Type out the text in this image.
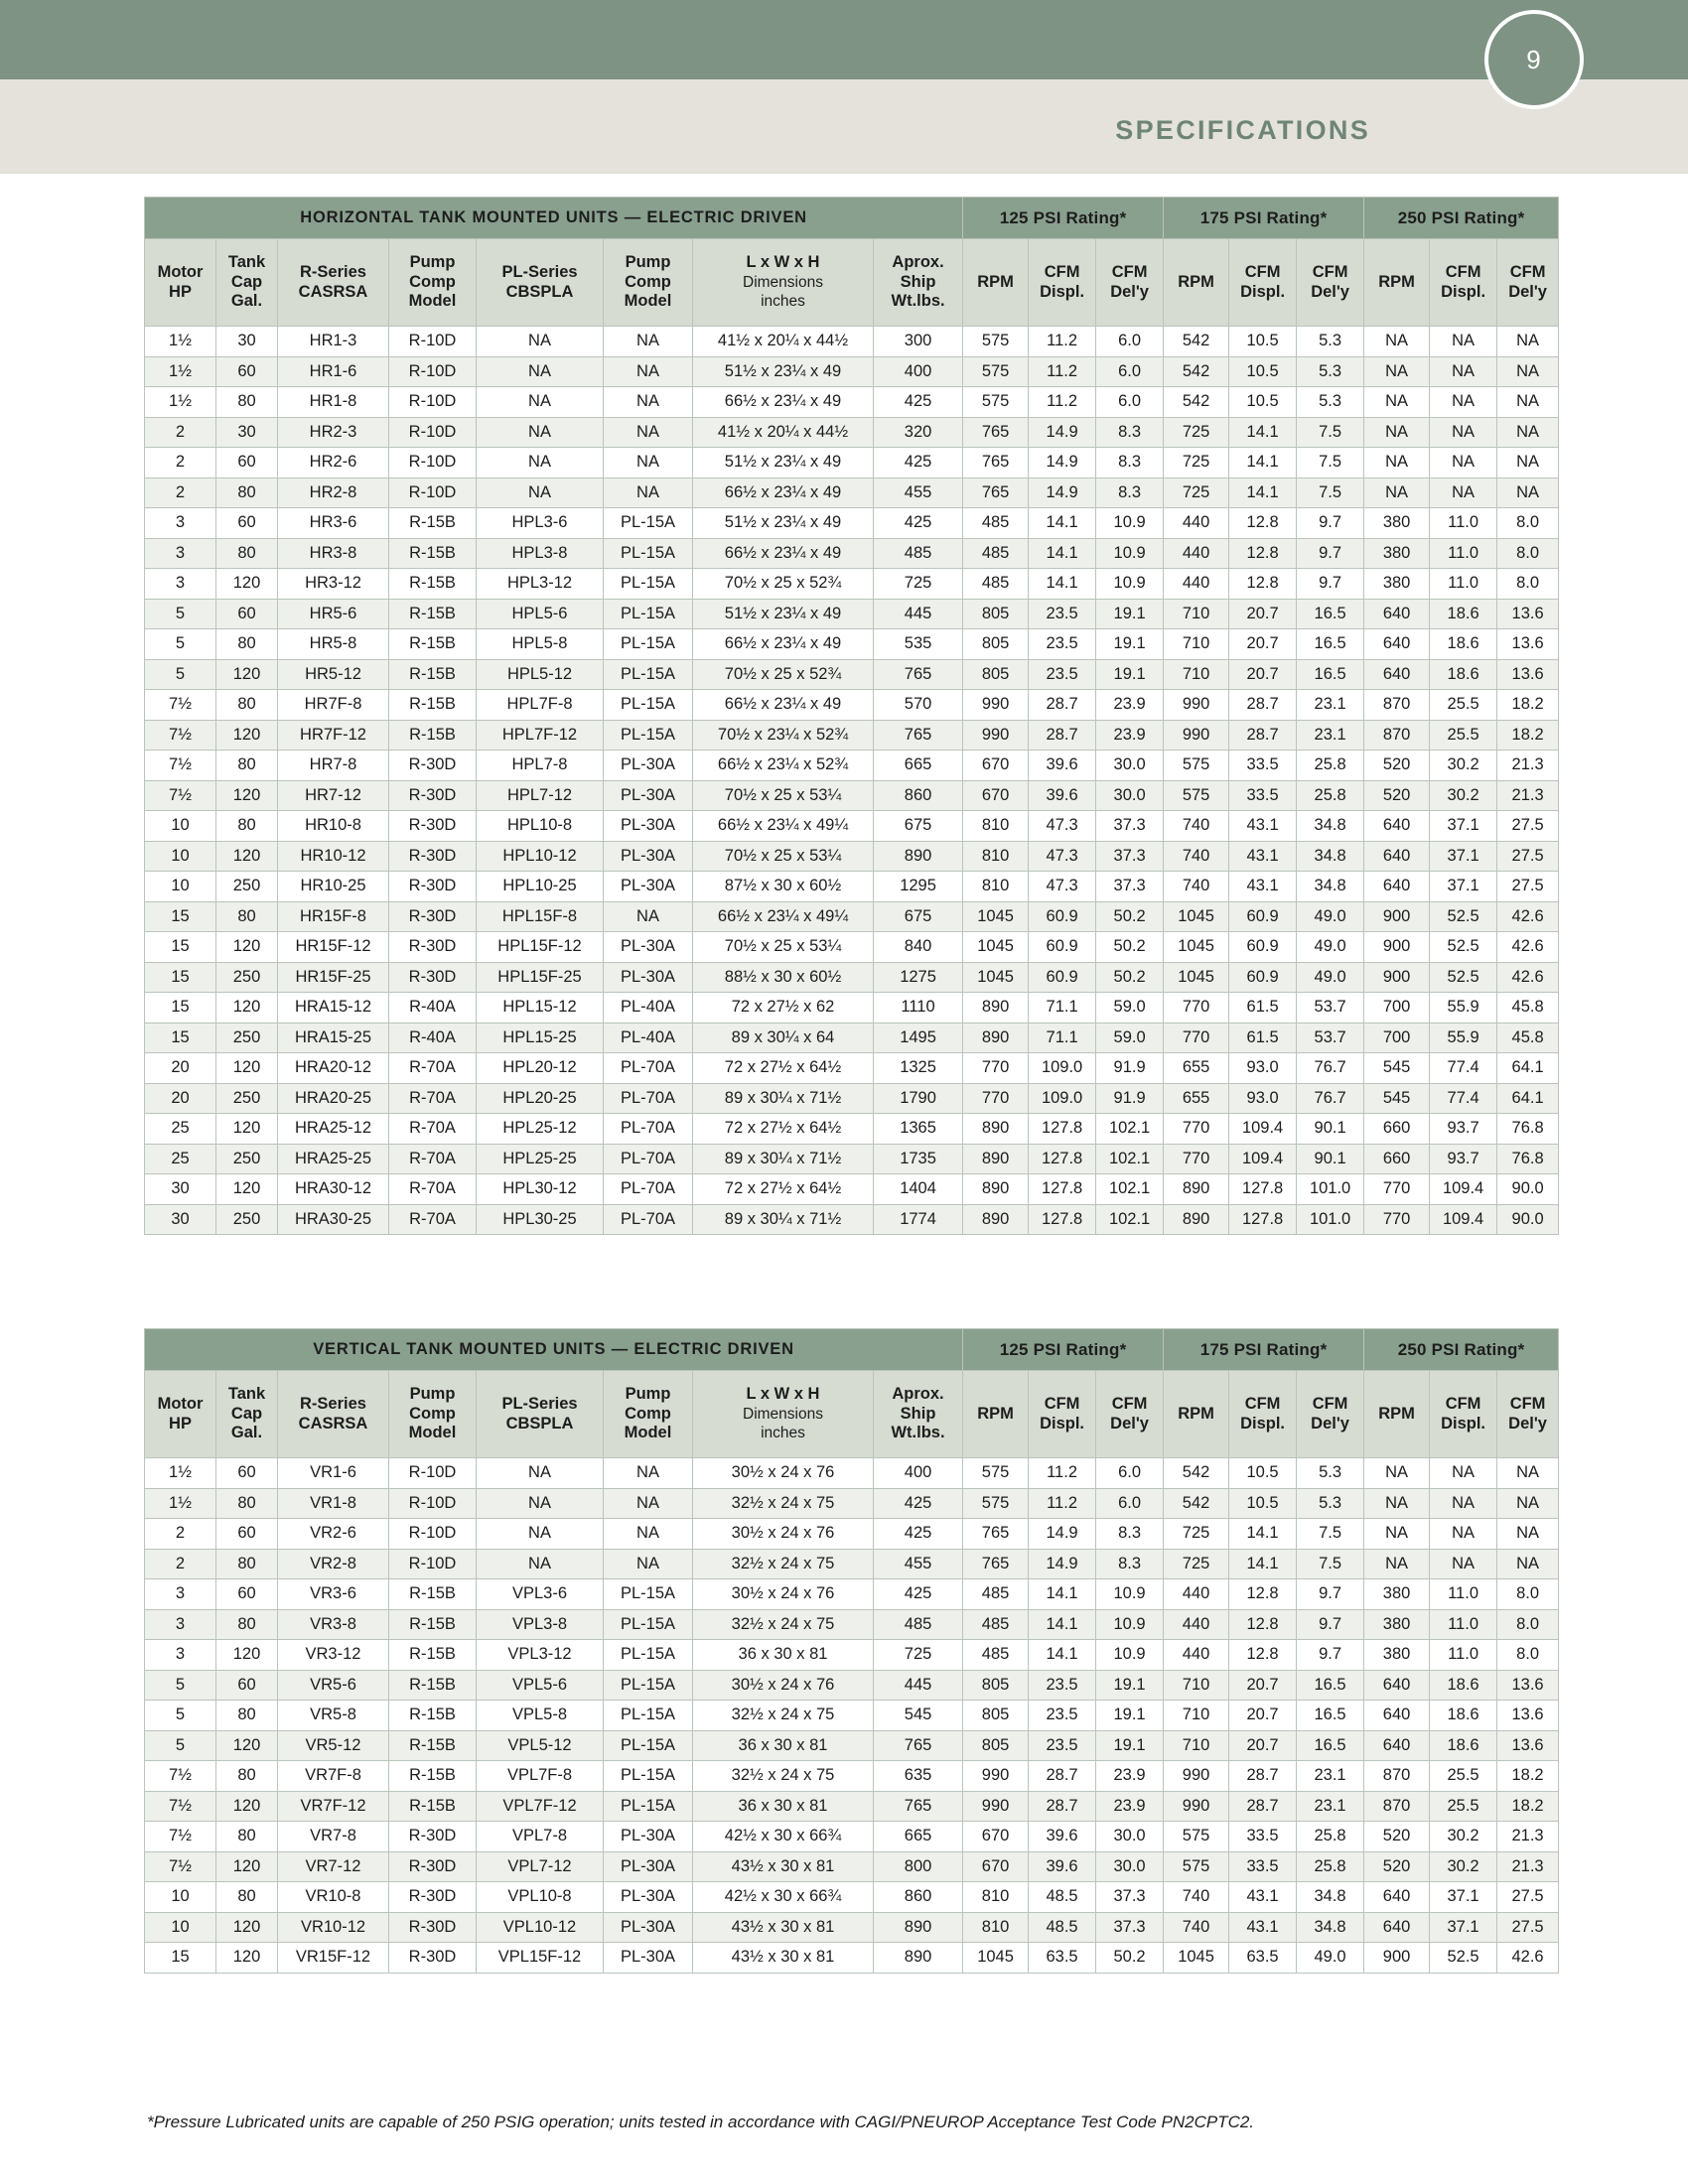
9
SPECIFICATIONS
HORIZONTAL TANK MOUNTED UNITS — ELECTRIC DRIVEN								125 PSI Rating*			175 PSI Rating*			250 PSI Rating*		
Motor
HP	Tank
Cap
Gal.	R-Series
CASRSA	Pump
Comp
Model	PL-Series
CBSPLA	Pump
Comp
Model	L x W x H
Dimensions
inches	Aprox.
Ship
Wt.lbs.	RPM	CFM
Displ.	CFM
Del'y	RPM	CFM
Displ.	CFM
Del'y	RPM	CFM
Displ.	CFM
Del'y
1½	30	HR1-3	R-10D	NA	NA	41½ x 20¼ x 44½	300	575	11.2	6.0	542	10.5	5.3	NA	NA	NA
1½	60	HR1-6	R-10D	NA	NA	51½ x 23¼ x 49	400	575	11.2	6.0	542	10.5	5.3	NA	NA	NA
1½	80	HR1-8	R-10D	NA	NA	66½ x 23¼ x 49	425	575	11.2	6.0	542	10.5	5.3	NA	NA	NA
2	30	HR2-3	R-10D	NA	NA	41½ x 20¼ x 44½	320	765	14.9	8.3	725	14.1	7.5	NA	NA	NA
2	60	HR2-6	R-10D	NA	NA	51½ x 23¼ x 49	425	765	14.9	8.3	725	14.1	7.5	NA	NA	NA
2	80	HR2-8	R-10D	NA	NA	66½ x 23¼ x 49	455	765	14.9	8.3	725	14.1	7.5	NA	NA	NA
3	60	HR3-6	R-15B	HPL3-6	PL-15A	51½ x 23¼ x 49	425	485	14.1	10.9	440	12.8	9.7	380	11.0	8.0
3	80	HR3-8	R-15B	HPL3-8	PL-15A	66½ x 23¼ x 49	485	485	14.1	10.9	440	12.8	9.7	380	11.0	8.0
3	120	HR3-12	R-15B	HPL3-12	PL-15A	70½ x 25 x 52¾	725	485	14.1	10.9	440	12.8	9.7	380	11.0	8.0
5	60	HR5-6	R-15B	HPL5-6	PL-15A	51½ x 23¼ x 49	445	805	23.5	19.1	710	20.7	16.5	640	18.6	13.6
5	80	HR5-8	R-15B	HPL5-8	PL-15A	66½ x 23¼ x 49	535	805	23.5	19.1	710	20.7	16.5	640	18.6	13.6
5	120	HR5-12	R-15B	HPL5-12	PL-15A	70½ x 25 x 52¾	765	805	23.5	19.1	710	20.7	16.5	640	18.6	13.6
7½	80	HR7F-8	R-15B	HPL7F-8	PL-15A	66½ x 23¼ x 49	570	990	28.7	23.9	990	28.7	23.1	870	25.5	18.2
7½	120	HR7F-12	R-15B	HPL7F-12	PL-15A	70½ x 23¼ x 52¾	765	990	28.7	23.9	990	28.7	23.1	870	25.5	18.2
7½	80	HR7-8	R-30D	HPL7-8	PL-30A	66½ x 23¼ x 52¾	665	670	39.6	30.0	575	33.5	25.8	520	30.2	21.3
7½	120	HR7-12	R-30D	HPL7-12	PL-30A	70½ x 25 x 53¼	860	670	39.6	30.0	575	33.5	25.8	520	30.2	21.3
10	80	HR10-8	R-30D	HPL10-8	PL-30A	66½ x 23¼ x 49¼	675	810	47.3	37.3	740	43.1	34.8	640	37.1	27.5
10	120	HR10-12	R-30D	HPL10-12	PL-30A	70½ x 25 x 53¼	890	810	47.3	37.3	740	43.1	34.8	640	37.1	27.5
10	250	HR10-25	R-30D	HPL10-25	PL-30A	87½ x 30 x 60½	1295	810	47.3	37.3	740	43.1	34.8	640	37.1	27.5
15	80	HR15F-8	R-30D	HPL15F-8	NA	66½ x 23¼ x 49¼	675	1045	60.9	50.2	1045	60.9	49.0	900	52.5	42.6
15	120	HR15F-12	R-30D	HPL15F-12	PL-30A	70½ x 25 x 53¼	840	1045	60.9	50.2	1045	60.9	49.0	900	52.5	42.6
15	250	HR15F-25	R-30D	HPL15F-25	PL-30A	88½ x 30 x 60½	1275	1045	60.9	50.2	1045	60.9	49.0	900	52.5	42.6
15	120	HRA15-12	R-40A	HPL15-12	PL-40A	72 x 27½ x 62	1110	890	71.1	59.0	770	61.5	53.7	700	55.9	45.8
15	250	HRA15-25	R-40A	HPL15-25	PL-40A	89 x 30¼ x 64	1495	890	71.1	59.0	770	61.5	53.7	700	55.9	45.8
20	120	HRA20-12	R-70A	HPL20-12	PL-70A	72 x 27½ x 64½	1325	770	109.0	91.9	655	93.0	76.7	545	77.4	64.1
20	250	HRA20-25	R-70A	HPL20-25	PL-70A	89 x 30¼ x 71½	1790	770	109.0	91.9	655	93.0	76.7	545	77.4	64.1
25	120	HRA25-12	R-70A	HPL25-12	PL-70A	72 x 27½ x 64½	1365	890	127.8	102.1	770	109.4	90.1	660	93.7	76.8
25	250	HRA25-25	R-70A	HPL25-25	PL-70A	89 x 30¼ x 71½	1735	890	127.8	102.1	770	109.4	90.1	660	93.7	76.8
30	120	HRA30-12	R-70A	HPL30-12	PL-70A	72 x 27½ x 64½	1404	890	127.8	102.1	890	127.8	101.0	770	109.4	90.0
30	250	HRA30-25	R-70A	HPL30-25	PL-70A	89 x 30¼ x 71½	1774	890	127.8	102.1	890	127.8	101.0	770	109.4	90.0
VERTICAL TANK MOUNTED UNITS — ELECTRIC DRIVEN								125 PSI Rating*			175 PSI Rating*			250 PSI Rating*		
Motor
HP	Tank
Cap
Gal.	R-Series
CASRSA	Pump
Comp
Model	PL-Series
CBSPLA	Pump
Comp
Model	L x W x H
Dimensions
inches	Aprox.
Ship
Wt.lbs.	RPM	CFM
Displ.	CFM
Del'y	RPM	CFM
Displ.	CFM
Del'y	RPM	CFM
Displ.	CFM
Del'y
1½	60	VR1-6	R-10D	NA	NA	30½ x 24 x 76	400	575	11.2	6.0	542	10.5	5.3	NA	NA	NA
1½	80	VR1-8	R-10D	NA	NA	32½ x 24 x 75	425	575	11.2	6.0	542	10.5	5.3	NA	NA	NA
2	60	VR2-6	R-10D	NA	NA	30½ x 24 x 76	425	765	14.9	8.3	725	14.1	7.5	NA	NA	NA
2	80	VR2-8	R-10D	NA	NA	32½ x 24 x 75	455	765	14.9	8.3	725	14.1	7.5	NA	NA	NA
3	60	VR3-6	R-15B	VPL3-6	PL-15A	30½ x 24 x 76	425	485	14.1	10.9	440	12.8	9.7	380	11.0	8.0
3	80	VR3-8	R-15B	VPL3-8	PL-15A	32½ x 24 x 75	485	485	14.1	10.9	440	12.8	9.7	380	11.0	8.0
3	120	VR3-12	R-15B	VPL3-12	PL-15A	36 x 30 x 81	725	485	14.1	10.9	440	12.8	9.7	380	11.0	8.0
5	60	VR5-6	R-15B	VPL5-6	PL-15A	30½ x 24 x 76	445	805	23.5	19.1	710	20.7	16.5	640	18.6	13.6
5	80	VR5-8	R-15B	VPL5-8	PL-15A	32½ x 24 x 75	545	805	23.5	19.1	710	20.7	16.5	640	18.6	13.6
5	120	VR5-12	R-15B	VPL5-12	PL-15A	36 x 30 x 81	765	805	23.5	19.1	710	20.7	16.5	640	18.6	13.6
7½	80	VR7F-8	R-15B	VPL7F-8	PL-15A	32½ x 24 x 75	635	990	28.7	23.9	990	28.7	23.1	870	25.5	18.2
7½	120	VR7F-12	R-15B	VPL7F-12	PL-15A	36 x 30 x 81	765	990	28.7	23.9	990	28.7	23.1	870	25.5	18.2
7½	80	VR7-8	R-30D	VPL7-8	PL-30A	42½ x 30 x 66¾	665	670	39.6	30.0	575	33.5	25.8	520	30.2	21.3
7½	120	VR7-12	R-30D	VPL7-12	PL-30A	43½ x 30 x 81	800	670	39.6	30.0	575	33.5	25.8	520	30.2	21.3
10	80	VR10-8	R-30D	VPL10-8	PL-30A	42½ x 30 x 66¾	860	810	48.5	37.3	740	43.1	34.8	640	37.1	27.5
10	120	VR10-12	R-30D	VPL10-12	PL-30A	43½ x 30 x 81	890	810	48.5	37.3	740	43.1	34.8	640	37.1	27.5
15	120	VR15F-12	R-30D	VPL15F-12	PL-30A	43½ x 30 x 81	890	1045	63.5	50.2	1045	63.5	49.0	900	52.5	42.6
*Pressure Lubricated units are capable of 250 PSIG operation; units tested in accordance with CAGI/PNEUROP Acceptance Test Code PN2CPTC2.
